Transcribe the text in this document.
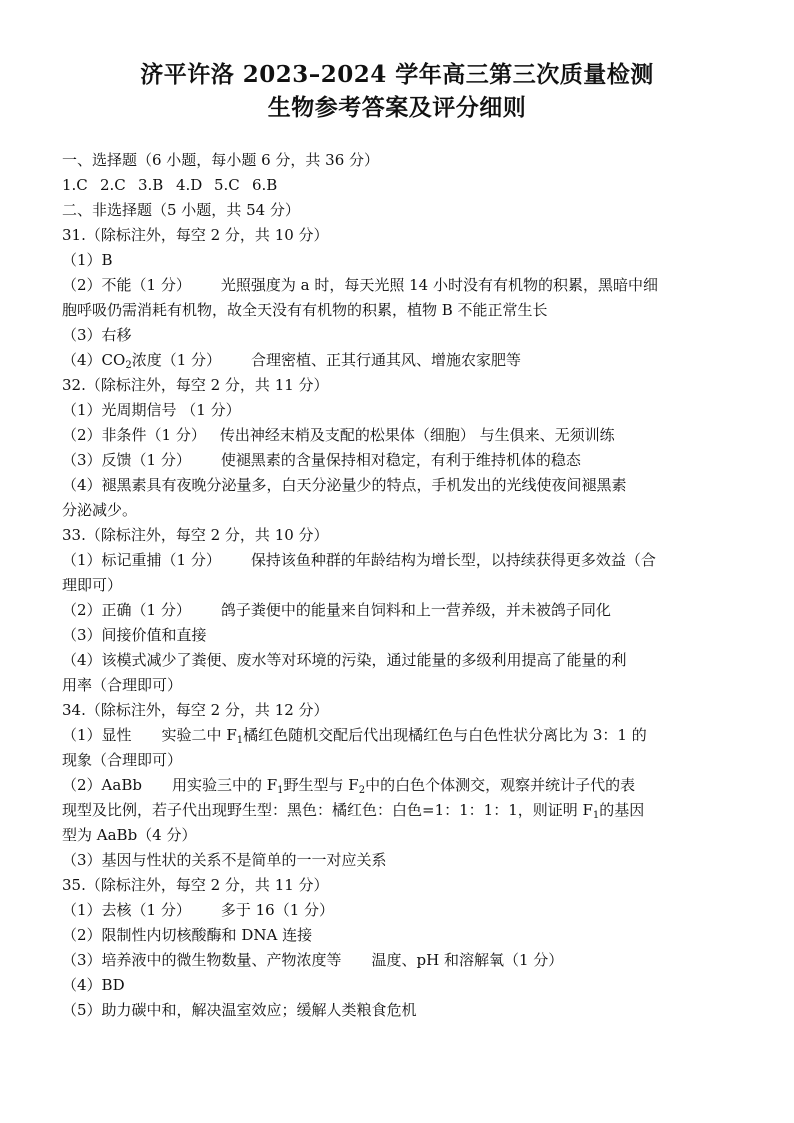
济平许洛 2023–2024 学年高三第三次质量检测
生物参考答案及评分细则
一、选择题（6 小题，每小题 6 分，共 36 分）
1.C 2.C 3.B 4.D 5.C 6.B
二、非选择题（5 小题，共 54 分）
31.（除标注外，每空 2 分，共 10 分）
（1）B
（2）不能（1 分） 光照强度为 a 时，每天光照 14 小时没有有机物的积累，黑暗中细
胞呼吸仍需消耗有机物，故全天没有有机物的积累，植物 B 不能正常生长
（3）右移
$(4)CO_2$浓度（1 分） 合理密植、正其行通其风、增施农家肥等
32.（除标注外，每空 2 分，共 11 分）
（1）光周期信号 （1 分）
（2）非条件（1 分） 传出神经末梢及支配的松果体（细胞） 与生俱来、无须训练
（3）反馈（1 分） 使褪黑素的含量保持相对稳定，有利于维持机体的稳态
（4）褪黑素具有夜晚分泌量多，白天分泌量少的特点，手机发出的光线使夜间褪黑素
分泌减少。
33.（除标注外，每空 2 分，共 10 分）
（1）标记重捕（1 分） 保持该鱼种群的年龄结构为增长型，以持续获得更多效益（合
理即可）
（2）正确（1 分） 鸽子粪便中的能量来自饲料和上一营养级，并未被鸽子同化
（3）间接价值和直接
（4）该模式减少了粪便、废水等对环境的污染，通过能量的多级利用提高了能量的利
用率（合理即可）
34.（除标注外，每空 2 分，共 12 分）
（1）显性 实验二中 $F_1$橘红色随机交配后代出现橘红色与白色性状分离比为 3：1 的
现象（合理即可）
（2）AaBb 用实验三中的 $F_1$野生型与 $F_2$中的白色个体测交，观察并统计子代的表
现型及比例，若子代出现野生型：黑色：橘红色：白色=1：1：1：1，则证明 $F_1$的基因
型为 AaBb（4 分）
（3）基因与性状的关系不是简单的一一对应关系
35.（除标注外，每空 2 分，共 11 分）
（1）去核（1 分） 多于 16（1 分）
（2）限制性内切核酸酶和 DNA 连接
（3）培养液中的微生物数量、产物浓度等 温度、pH 和溶解氧（1 分）
（4）BD
（5）助力碳中和，解决温室效应；缓解人类粮食危机
